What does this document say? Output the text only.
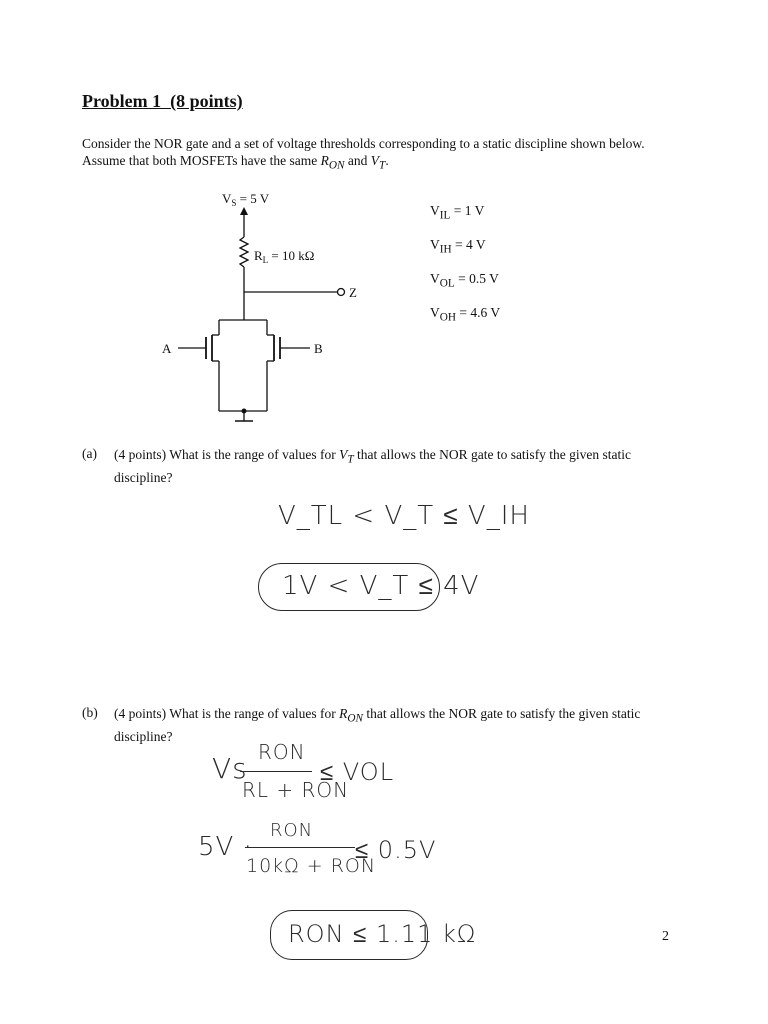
Problem 1  (8 points)
Consider the NOR gate and a set of voltage thresholds corresponding to a static discipline shown below. Assume that both MOSFETs have the same $R_{ON}$ and $V_T$.
$V_S = 5$ V
$R_L = 10$ kΩ
Z
A	B
$V_{IL} = 1$ V
$V_{IH} = 4$ V
$V_{OL} = 0.5$ V
$V_{OH} = 4.6$ V
(a) (4 points) What is the range of values for $V_T$ that allows the NOR gate to satisfy the given static discipline?
V_TL < V_T ≤ V_IH
1V < V_T ≤ 4V
(b) (4 points) What is the range of values for $R_{ON}$ that allows the NOR gate to satisfy the given static discipline?
Vs RON
RL + RON
≤ VOL
5V ·
RON
10kΩ + RON
≤ 0.5V
RON ≤ 1.11 kΩ	2
